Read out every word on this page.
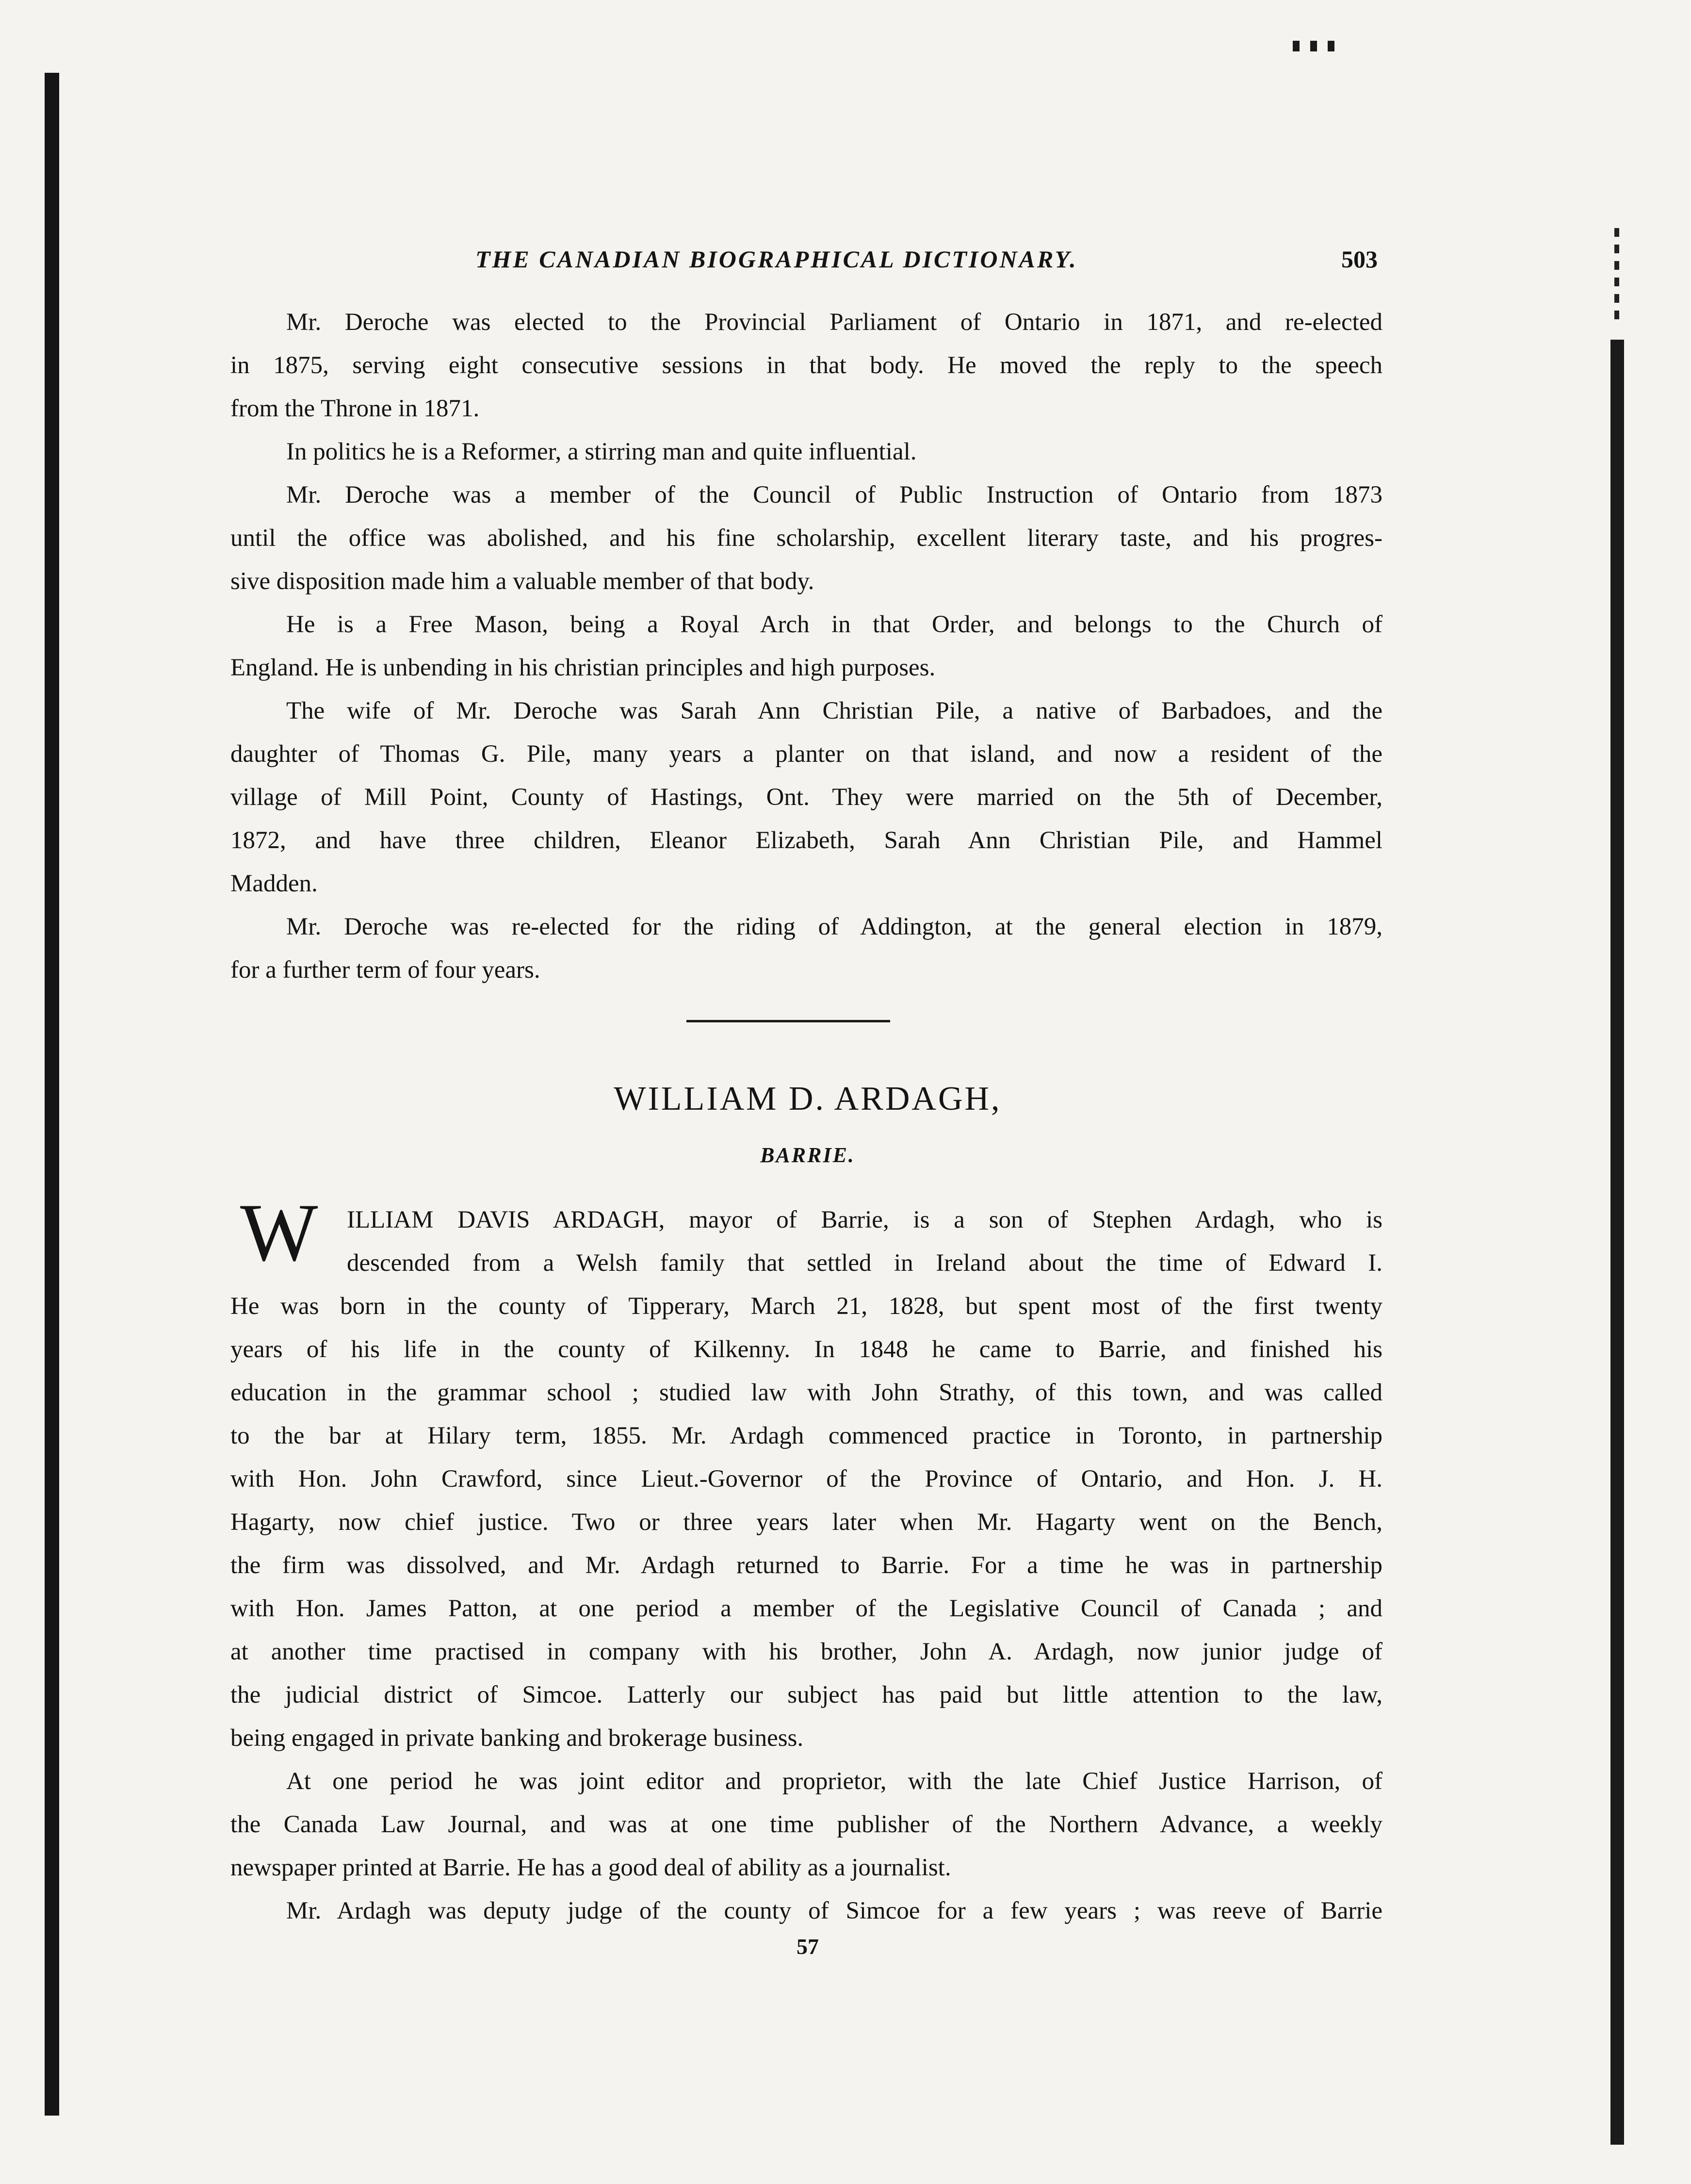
THE CANADIAN BIOGRAPHICAL DICTIONARY.	503
Mr. Deroche was elected to the Provincial Parliament of Ontario in 1871, and re-elected
in 1875, serving eight consecutive sessions in that body. He moved the reply to the speech
from the Throne in 1871.
In politics he is a Reformer, a stirring man and quite influential.
Mr. Deroche was a member of the Council of Public Instruction of Ontario from 1873
until the office was abolished, and his fine scholarship, excellent literary taste, and his progres-
sive disposition made him a valuable member of that body.
He is a Free Mason, being a Royal Arch in that Order, and belongs to the Church of
England. He is unbending in his christian principles and high purposes.
The wife of Mr. Deroche was Sarah Ann Christian Pile, a native of Barbadoes, and the
daughter of Thomas G. Pile, many years a planter on that island, and now a resident of the
village of Mill Point, County of Hastings, Ont. They were married on the 5th of December,
1872, and have three children, Eleanor Elizabeth, Sarah Ann Christian Pile, and Hammel
Madden.
Mr. Deroche was re-elected for the riding of Addington, at the general election in 1879,
for a further term of four years.
WILLIAM D. ARDAGH,
BARRIE.
W	ILLIAM DAVIS ARDAGH, mayor of Barrie, is a son of Stephen Ardagh, who is
descended from a Welsh family that settled in Ireland about the time of Edward I.
He was born in the county of Tipperary, March 21, 1828, but spent most of the first twenty
years of his life in the county of Kilkenny. In 1848 he came to Barrie, and finished his
education in the grammar school ; studied law with John Strathy, of this town, and was called
to the bar at Hilary term, 1855. Mr. Ardagh commenced practice in Toronto, in partnership
with Hon. John Crawford, since Lieut.-Governor of the Province of Ontario, and Hon. J. H.
Hagarty, now chief justice. Two or three years later when Mr. Hagarty went on the Bench,
the firm was dissolved, and Mr. Ardagh returned to Barrie. For a time he was in partnership
with Hon. James Patton, at one period a member of the Legislative Council of Canada ; and
at another time practised in company with his brother, John A. Ardagh, now junior judge of
the judicial district of Simcoe. Latterly our subject has paid but little attention to the law,
being engaged in private banking and brokerage business.
At one period he was joint editor and proprietor, with the late Chief Justice Harrison, of
the Canada Law Journal, and was at one time publisher of the Northern Advance, a weekly
newspaper printed at Barrie. He has a good deal of ability as a journalist.
Mr. Ardagh was deputy judge of the county of Simcoe for a few years ; was reeve of Barrie
57
